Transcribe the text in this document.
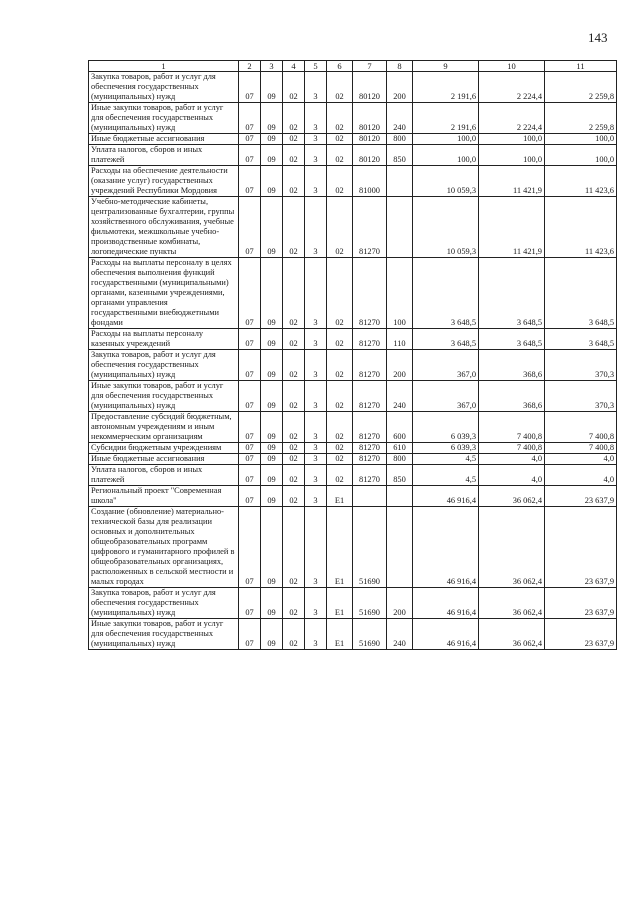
143
1	2	3	4	5	6	7	8	9	10	11
Закупка товаров, работ и услуг для обеспечения государственных (муниципальных) нужд	07	09	02	3	02	80120	200	2 191,6	2 224,4	2 259,8
Иные закупки товаров, работ и услуг для обеспечения государственных (муниципальных) нужд	07	09	02	3	02	80120	240	2 191,6	2 224,4	2 259,8
Иные бюджетные ассигнования	07	09	02	3	02	80120	800	100,0	100,0	100,0
Уплата налогов, сборов и иных платежей	07	09	02	3	02	80120	850	100,0	100,0	100,0
Расходы на обеспечение деятельности (оказание услуг) государственных учреждений Республики Мордовия	07	09	02	3	02	81000		10 059,3	11 421,9	11 423,6
Учебно-методические кабинеты, централизованные бухгалтерии, группы хозяйственного обслуживания, учебные фильмотеки, межшкольные учебно-производственные комбинаты, логопедические пункты	07	09	02	3	02	81270		10 059,3	11 421,9	11 423,6
Расходы на выплаты персоналу в целях обеспечения выполнения функций государственными (муниципальными) органами, казенными учреждениями, органами управления государственными внебюджетными фондами	07	09	02	3	02	81270	100	3 648,5	3 648,5	3 648,5
Расходы на выплаты персоналу казенных учреждений	07	09	02	3	02	81270	110	3 648,5	3 648,5	3 648,5
Закупка товаров, работ и услуг для обеспечения государственных (муниципальных) нужд	07	09	02	3	02	81270	200	367,0	368,6	370,3
Иные закупки товаров, работ и услуг для обеспечения государственных (муниципальных) нужд	07	09	02	3	02	81270	240	367,0	368,6	370,3
Предоставление субсидий бюджетным, автономным учреждениям и иным некоммерческим организациям	07	09	02	3	02	81270	600	6 039,3	7 400,8	7 400,8
Субсидии бюджетным учреждениям	07	09	02	3	02	81270	610	6 039,3	7 400,8	7 400,8
Иные бюджетные ассигнования	07	09	02	3	02	81270	800	4,5	4,0	4,0
Уплата налогов, сборов и иных платежей	07	09	02	3	02	81270	850	4,5	4,0	4,0
Региональный проект "Современная школа"	07	09	02	3	E1			46 916,4	36 062,4	23 637,9
Создание (обновление) материально-технической базы для реализации основных и дополнительных общеобразовательных программ цифрового и гуманитарного профилей в общеобразовательных организациях, расположенных в сельской местности и малых городах	07	09	02	3	E1	51690		46 916,4	36 062,4	23 637,9
Закупка товаров, работ и услуг для обеспечения государственных (муниципальных) нужд	07	09	02	3	E1	51690	200	46 916,4	36 062,4	23 637,9
Иные закупки товаров, работ и услуг для обеспечения государственных (муниципальных) нужд	07	09	02	3	E1	51690	240	46 916,4	36 062,4	23 637,9
